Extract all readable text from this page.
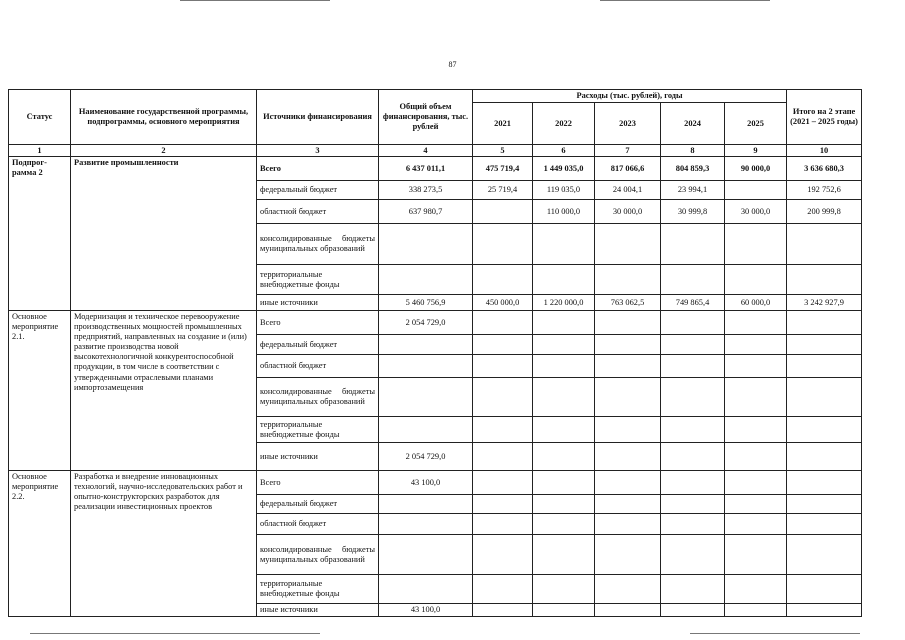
87
Статус	Наименование государственной программы, подпрограммы, основного мероприятия	Источники финансирования	Общий объем финансирования, тыс. рублей	Расходы (тыс. рублей), годы					Итого на 2 этапе (2021 – 2025 годы)
				2021	2022	2023	2024	2025	
1	2	3	4	5	6	7	8	9	10
Подпрог- рамма 2	Развитие промышленности	Всего	6 437 011,1	475 719,4	1 449 035,0	817 066,6	804 859,3	90 000,0	3 636 680,3
		федеральный бюджет	338 273,5	25 719,4	119 035,0	24 004,1	23 994,1		192 752,6
		областной бюджет	637 980,7		110 000,0	30 000,0	30 999,8	30 000,0	200 999,8
		консолидированные бюджеты муниципальных образований							
		территориальные внебюджетные фонды							
		иные источники	5 460 756,9	450 000,0	1 220 000,0	763 062,5	749 865,4	60 000,0	3 242 927,9
Основное мероприятие 2.1.	Модернизация и техническое перевооружение производственных мощностей промышленных предприятий, направленных на создание и (или) развитие производства новой высокотехнологичной конкурентоспособной продукции, в том числе в соответствии с утвержденными отраслевыми планами импортозамещения	Всего	2 054 729,0						
		федеральный бюджет							
		областной бюджет							
		консолидированные бюджеты муниципальных образований							
		территориальные внебюджетные фонды							
		иные источники	2 054 729,0						
Основное мероприятие 2.2.	Разработка и внедрение инновационных технологий, научно-исследовательских работ и опытно-конструкторских разработок для реализации инвестиционных проектов	Всего	43 100,0						
		федеральный бюджет							
		областной бюджет							
		консолидированные бюджеты муниципальных образований							
		территориальные внебюджетные фонды							
		иные источники	43 100,0						
